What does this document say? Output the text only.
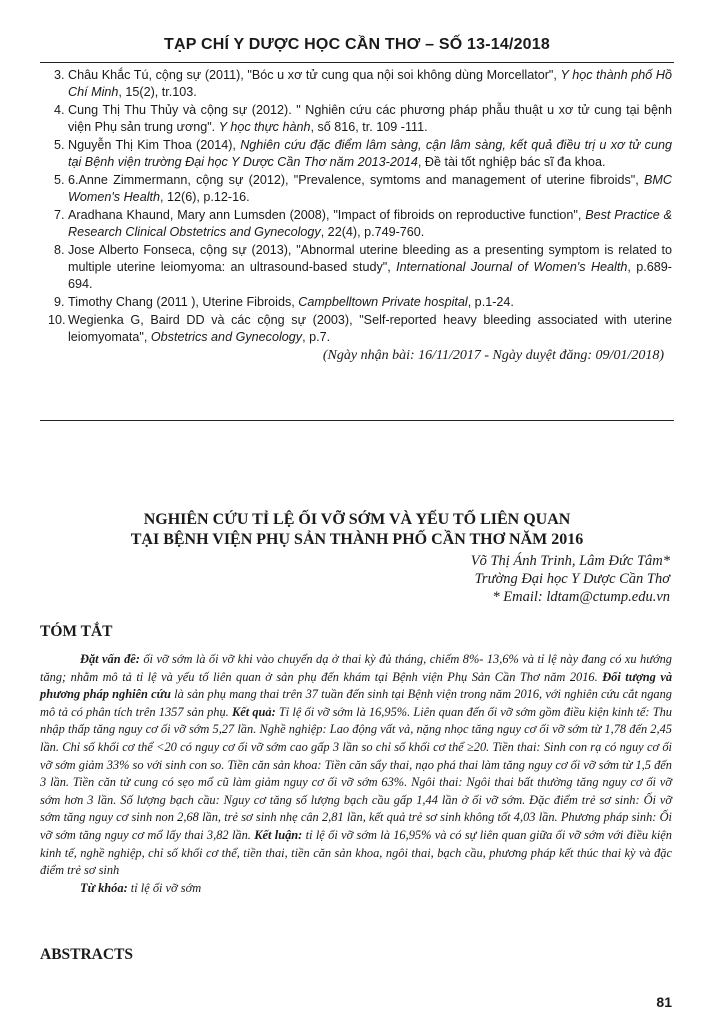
TẠP CHÍ Y DƯỢC HỌC CẦN THƠ – SỐ 13-14/2018
3. Châu Khắc Tú, cộng sự (2011), "Bóc u xơ tử cung qua nội soi không dùng Morcellator", Y học thành phố Hồ Chí Minh, 15(2), tr.103.
4. Cung Thị Thu Thủy và cộng sự (2012). " Nghiên cứu các phương pháp phẫu thuật u xơ tử cung tại bệnh viện Phụ sản trung ương". Y học thực hành, số 816, tr. 109 -111.
5. Nguyễn Thị Kim Thoa (2014), Nghiên cứu đặc điểm lâm sàng, cận lâm sàng, kết quả điều trị u xơ tử cung tại Bệnh viện trường Đại học Y Dược Cần Thơ năm 2013-2014, Đề tài tốt nghiệp bác sĩ đa khoa.
5. 6.Anne Zimmermann, cộng sự (2012), "Prevalence, symtoms and management of uterine fibroids", BMC Women's Health, 12(6), p.12-16.
7. Aradhana Khaund, Mary ann Lumsden (2008), "Impact of fibroids on reproductive function", Best Practice & Research Clinical Obstetrics and Gynecology, 22(4), p.749-760.
8. Jose Alberto Fonseca, cộng sự (2013), "Abnormal uterine bleeding as a presenting symptom is related to multiple uterine leiomyoma: an ultrasound-based study", International Journal of Women's Health, p.689-694.
9. Timothy Chang (2011 ), Uterine Fibroids, Campbelltown Private hospital, p.1-24.
10. Wegienka G, Baird DD và các cộng sự (2003), "Self-reported heavy bleeding associated with uterine leiomyomata", Obstetrics and Gynecology, p.7.
(Ngày nhận bài: 16/11/2017 - Ngày duyệt đăng: 09/01/2018)
NGHIÊN CỨU TỈ LỆ ỐI VỠ SỚM VÀ YẾU TỐ LIÊN QUAN
TẠI BỆNH VIỆN PHỤ SẢN THÀNH PHỐ CẦN THƠ NĂM 2016
Võ Thị Ánh Trinh, Lâm Đức Tâm*
Trường Đại học Y Dược Cần Thơ
* Email: ldtam@ctump.edu.vn
TÓM TẮT

Đặt vấn đề: ối vỡ sớm là ối vỡ khi vào chuyển dạ ở thai kỳ đủ tháng, chiếm 8%- 13,6% và tỉ lệ này đang có xu hướng tăng; nhằm mô tả tỉ lệ và yếu tố liên quan ở sản phụ đến khám tại Bệnh viện Phụ Sản Cần Thơ năm 2016. Đối tượng và phương pháp nghiên cứu là sản phụ mang thai trên 37 tuần đến sinh tại Bệnh viện trong năm 2016, với nghiên cứu cắt ngang mô tả có phân tích trên 1357 sản phụ. Kết quả: Tỉ lệ ối vỡ sớm là 16,95%. Liên quan đến ối vỡ sớm gồm điều kiện kinh tế: Thu nhập thấp tăng nguy cơ ối vỡ sớm 5,27 lần. Nghề nghiệp: Lao động vất vả, nặng nhọc tăng nguy cơ ối vỡ sớm từ 1,78 đến 2,45 lần. Chỉ số khối cơ thể <20 có nguy cơ ối vỡ sớm cao gấp 3 lần so chỉ số khối cơ thể ≥20. Tiền thai: Sinh con rạ có nguy cơ ối vỡ sớm giảm 33% so với sinh con so. Tiền căn sản khoa: Tiền căn sẩy thai, nạo phá thai làm tăng nguy cơ ối vỡ sớm từ 1,5 đến 3 lần. Tiền căn tử cung có sẹo mổ cũ làm giảm nguy cơ ối vỡ sớm 63%. Ngôi thai: Ngôi thai bất thường tăng nguy cơ ối vỡ sớm hơn 3 lần. Số lượng bạch cầu: Nguy cơ tăng số lượng bạch cầu gấp 1,44 lần ở ối vỡ sớm. Đặc điểm trẻ sơ sinh: Ối vỡ sớm tăng nguy cơ sinh non 2,68 lần, trẻ sơ sinh nhẹ cân 2,81 lần, kết quả trẻ sơ sinh không tốt 4,03 lần. Phương pháp sinh: Ối vỡ sớm tăng nguy cơ mổ lấy thai 3,82 lần. Kết luận: tỉ lệ ối vỡ sớm là 16,95% và có sự liên quan giữa ối vỡ sớm với điều kiện kinh tế, nghề nghiệp, chỉ số khối cơ thể, tiền thai, tiền căn sản khoa, ngôi thai, bạch cầu, phương pháp kết thúc thai kỳ và đặc điểm trẻ sơ sinh

Từ khóa: tỉ lệ ối vỡ sớm

ABSTRACTS
81
